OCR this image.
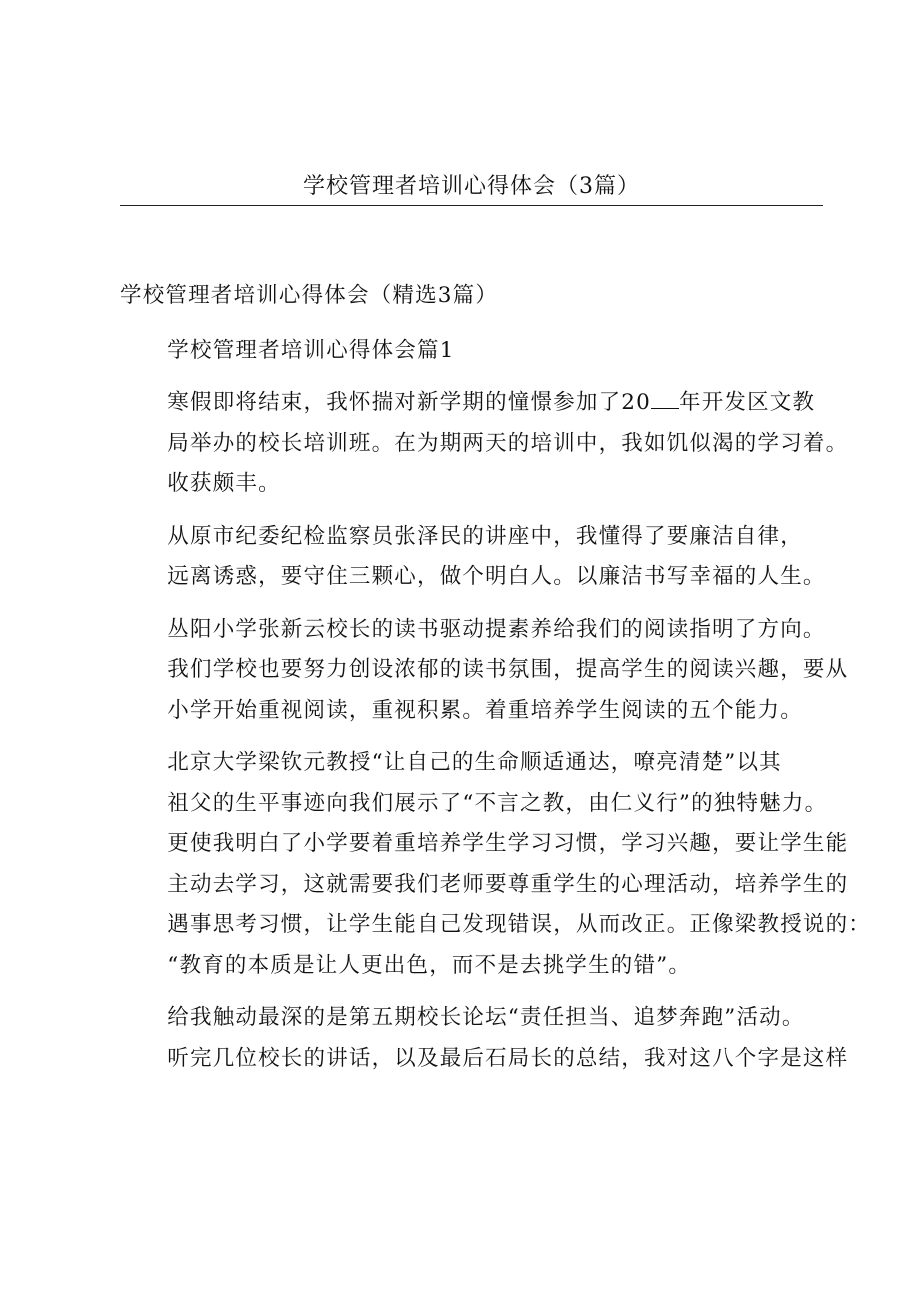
学校管理者培训心得体会（3篇）

学校管理者培训心得体会（精选3篇）

学校管理者培训心得体会篇1

寒假即将结束，我怀揣对新学期的憧憬参加了20 年开发区文教
局举办的校长培训班。在为期两天的培训中，我如饥似渴的学习着。
收获颇丰。

从原市纪委纪检监察员张泽民的讲座中，我懂得了要廉洁自律，
远离诱惑，要守住三颗心，做个明白人。以廉洁书写幸福的人生。

丛阳小学张新云校长的读书驱动提素养给我们的阅读指明了方向。
我们学校也要努力创设浓郁的读书氛围，提高学生的阅读兴趣，要从
小学开始重视阅读，重视积累。着重培养学生阅读的五个能力。

北京大学梁钦元教授“让自己的生命顺适通达，嘹亮清楚”以其
祖父的生平事迹向我们展示了“不言之教，由仁义行”的独特魅力。
更使我明白了小学要着重培养学生学习习惯，学习兴趣，要让学生能
主动去学习，这就需要我们老师要尊重学生的心理活动，培养学生的
遇事思考习惯，让学生能自己发现错误，从而改正。正像梁教授说的：
“教育的本质是让人更出色，而不是去挑学生的错”。

给我触动最深的是第五期校长论坛“责任担当、追梦奔跑”活动。
听完几位校长的讲话，以及最后石局长的总结，我对这八个字是这样
